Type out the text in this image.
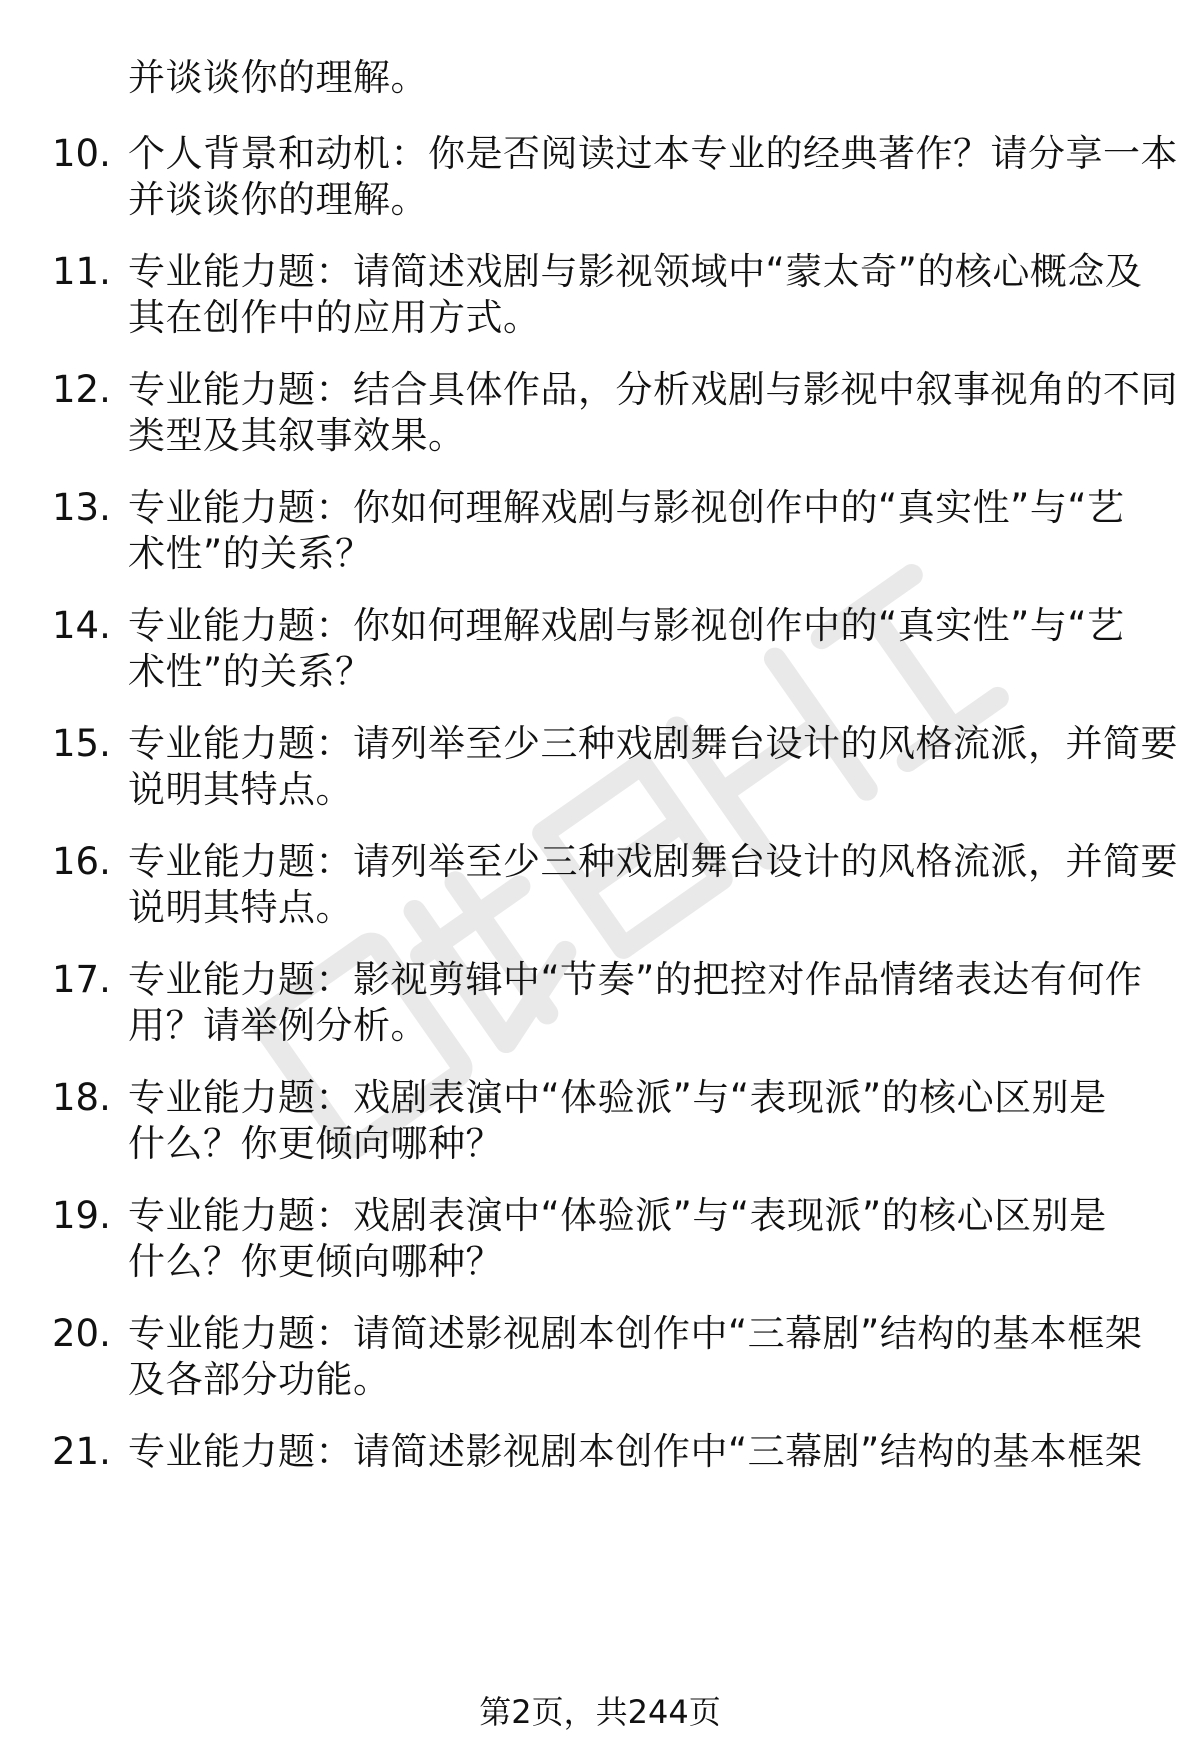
并谈谈你的理解。
10. 个人背景和动机：你是否阅读过本专业的经典著作？请分享一本
并谈谈你的理解。
11. 专业能力题：请简述戏剧与影视领域中“蒙太奇”的核心概念及
其在创作中的应用方式。
12. 专业能力题：结合具体作品，分析戏剧与影视中叙事视角的不同
类型及其叙事效果。
13. 专业能力题：你如何理解戏剧与影视创作中的“真实性”与“艺
术性”的关系？
14. 专业能力题：你如何理解戏剧与影视创作中的“真实性”与“艺
术性”的关系？
15. 专业能力题：请列举至少三种戏剧舞台设计的风格流派，并简要
说明其特点。
16. 专业能力题：请列举至少三种戏剧舞台设计的风格流派，并简要
说明其特点。
17. 专业能力题：影视剪辑中“节奏”的把控对作品情绪表达有何作
用？请举例分析。
18. 专业能力题：戏剧表演中“体验派”与“表现派”的核心区别是
什么？你更倾向哪种？
19. 专业能力题：戏剧表演中“体验派”与“表现派”的核心区别是
什么？你更倾向哪种？
20. 专业能力题：请简述影视剧本创作中“三幕剧”结构的基本框架
及各部分功能。
21. 专业能力题：请简述影视剧本创作中“三幕剧”结构的基本框架
第2页，共244页
